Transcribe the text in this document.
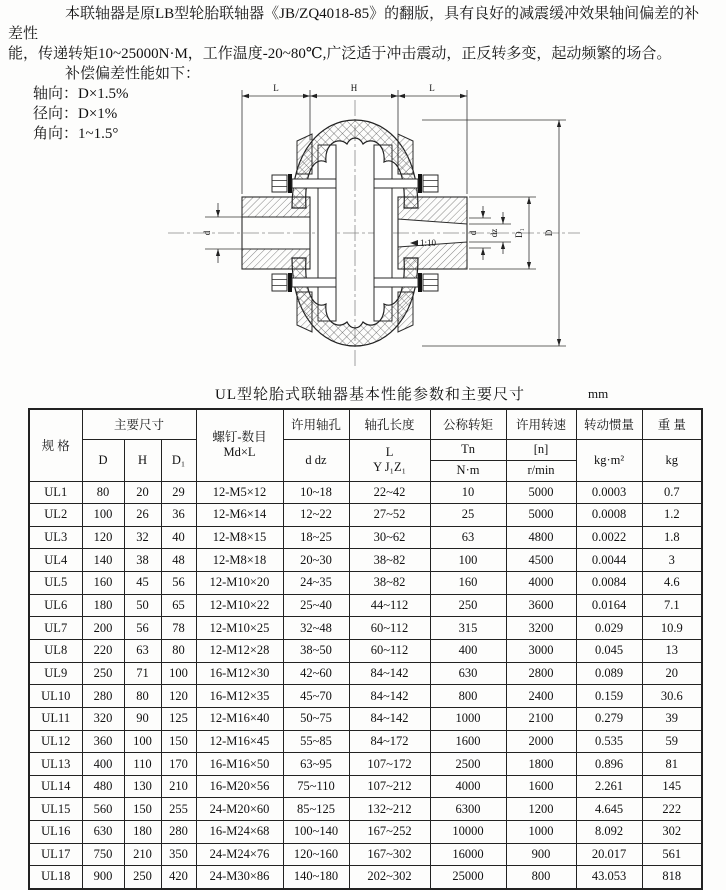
本联轴器是原LB型轮胎联轴器《JB/ZQ4018-85》的翻版，具有良好的减震缓冲效果轴间偏差的补差性
能，传递转矩10~25000N·M，工作温度-20~80℃,广泛适于冲击震动，正反转多变，起动频繁的场合。
补偿偏差性能如下：
轴向：D×1.5%
径向：D×1%
角向：1~1.5°
1:10
L	H	L
d	d dz D₁ D
UL型轮胎式联轴器基本性能参数和主要尺寸	mm
规 格	主要尺寸			螺钉-数目
Md×L	许用轴孔	轴孔长度	公称转矩	许用转速	转动惯量	重 量
	D	H	D₁		d dz	L
Y J₁Z₁	Tn	[n]	kg·m²	kg
							N·m	r/min		
UL1	80	20	29	12-M5×12	10~18	22~42	10	5000	0.0003	0.7
UL2	100	26	36	12-M6×14	12~22	27~52	25	5000	0.0008	1.2
UL3	120	32	40	12-M8×15	18~25	30~62	63	4800	0.0022	1.8
UL4	140	38	48	12-M8×18	20~30	38~82	100	4500	0.0044	3
UL5	160	45	56	12-M10×20	24~35	38~82	160	4000	0.0084	4.6
UL6	180	50	65	12-M10×22	25~40	44~112	250	3600	0.0164	7.1
UL7	200	56	78	12-M10×25	32~48	60~112	315	3200	0.029	10.9
UL8	220	63	80	12-M12×28	38~50	60~112	400	3000	0.045	13
UL9	250	71	100	16-M12×30	42~60	84~142	630	2800	0.089	20
UL10	280	80	120	16-M12×35	45~70	84~142	800	2400	0.159	30.6
UL11	320	90	125	12-M16×40	50~75	84~142	1000	2100	0.279	39
UL12	360	100	150	12-M16×45	55~85	84~172	1600	2000	0.535	59
UL13	400	110	170	16-M16×50	63~95	107~172	2500	1800	0.896	81
UL14	480	130	210	16-M20×56	75~110	107~212	4000	1600	2.261	145
UL15	560	150	255	24-M20×60	85~125	132~212	6300	1200	4.645	222
UL16	630	180	280	16-M24×68	100~140	167~252	10000	1000	8.092	302
UL17	750	210	350	24-M24×76	120~160	167~302	16000	900	20.017	561
UL18	900	250	420	24-M30×86	140~180	202~302	25000	800	43.053	818
